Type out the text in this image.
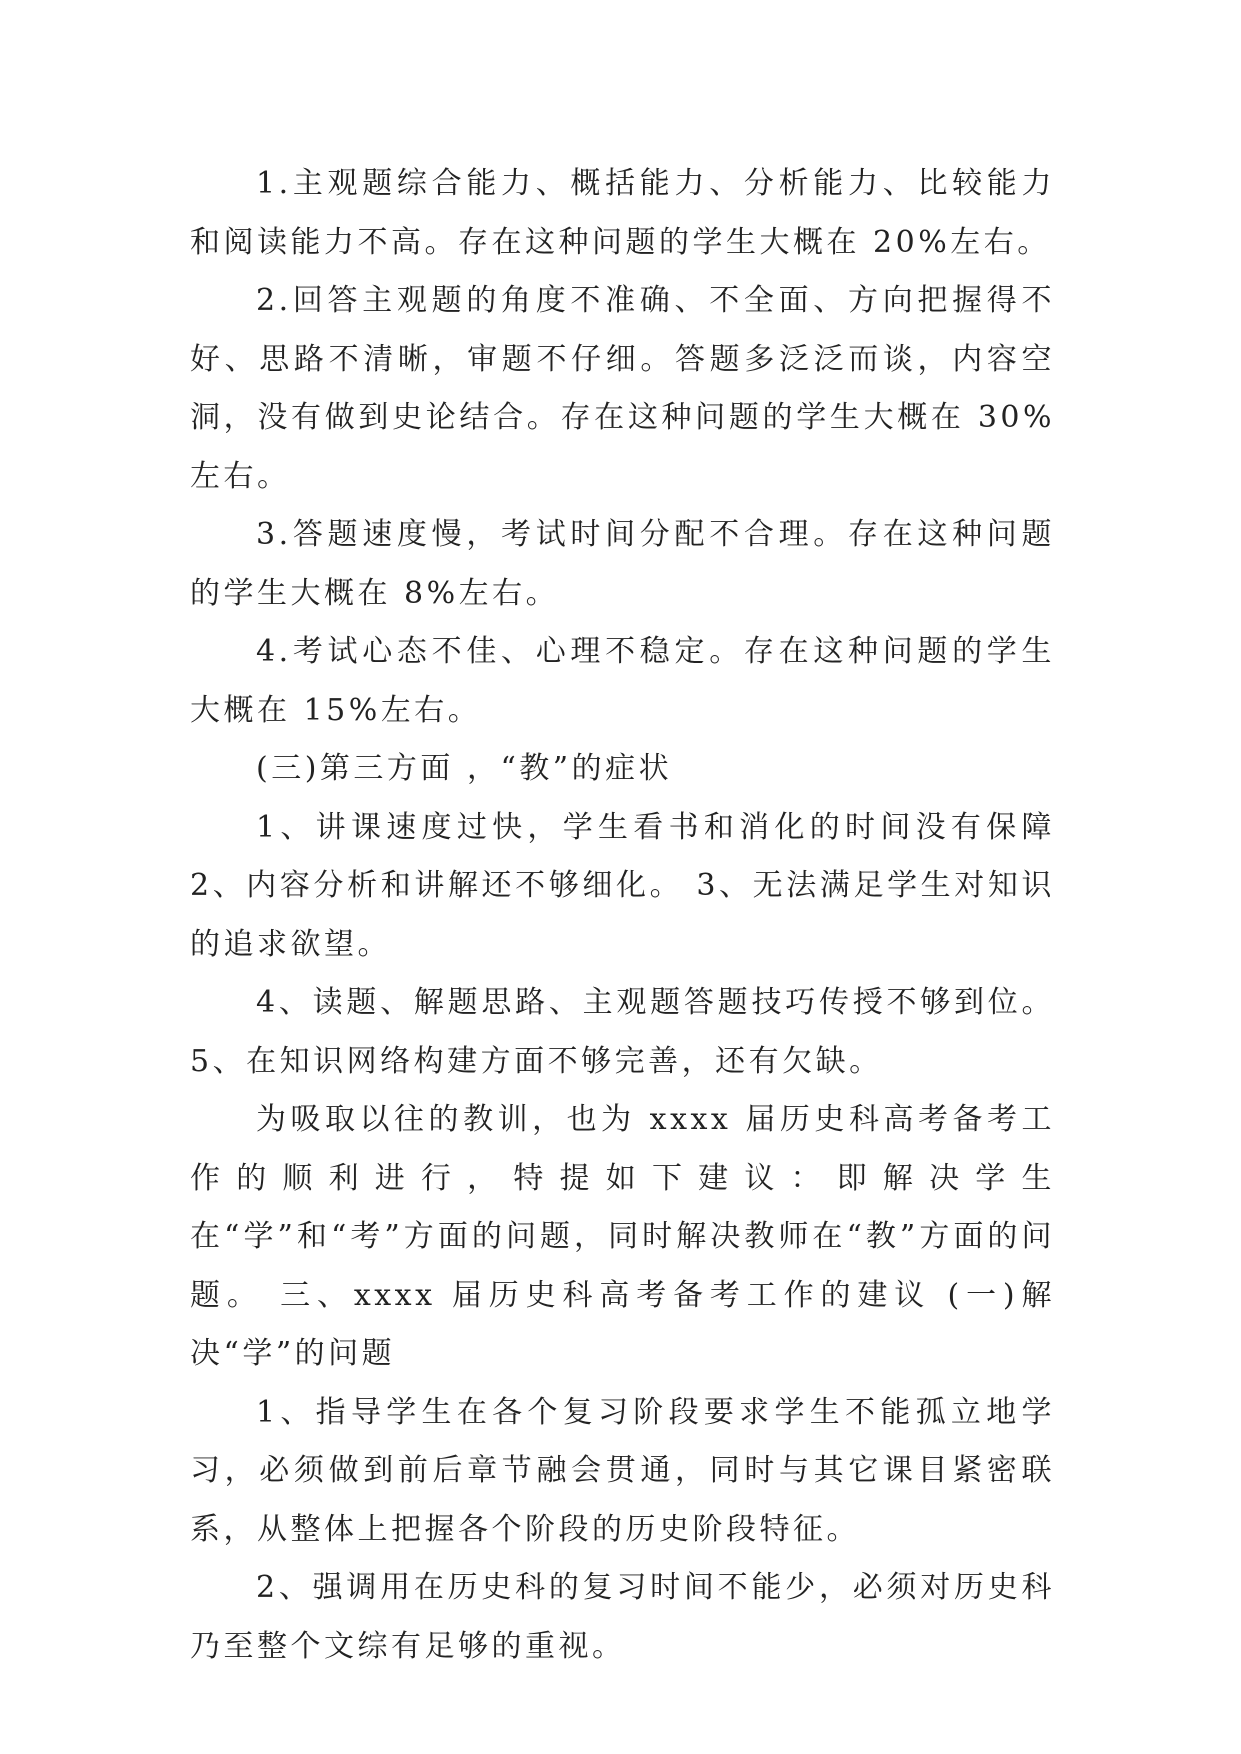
1.主观题综合能力、概括能力、分析能力、比较能力和阅读能力不高。存在这种问题的学生大概在 20%左右。

2.回答主观题的角度不准确、不全面、方向把握得不好、思路不清晰，审题不仔细。答题多泛泛而谈，内容空洞，没有做到史论结合。存在这种问题的学生大概在 30%左右。

3.答题速度慢，考试时间分配不合理。存在这种问题的学生大概在 8%左右。

4.考试心态不佳、心理不稳定。存在这种问题的学生大概在 15%左右。

(三)第三方面 ，“教”的症状

1、讲课速度过快，学生看书和消化的时间没有保障 2、内容分析和讲解还不够细化。 3、无法满足学生对知识的追求欲望。

4、读题、解题思路、主观题答题技巧传授不够到位。5、在知识网络构建方面不够完善，还有欠缺。

为吸取以往的教训，也为 xxxx 届历史科高考备考工作的顺利进行，特提如下建议：即解决学生在“学”和“考”方面的问题，同时解决教师在“教”方面的问题。 三、xxxx 届历史科高考备考工作的建议 (一)解决“学”的问题

1、指导学生在各个复习阶段要求学生不能孤立地学习，必须做到前后章节融会贯通，同时与其它课目紧密联系，从整体上把握各个阶段的历史阶段特征。

2、强调用在历史科的复习时间不能少，必须对历史科乃至整个文综有足够的重视。
